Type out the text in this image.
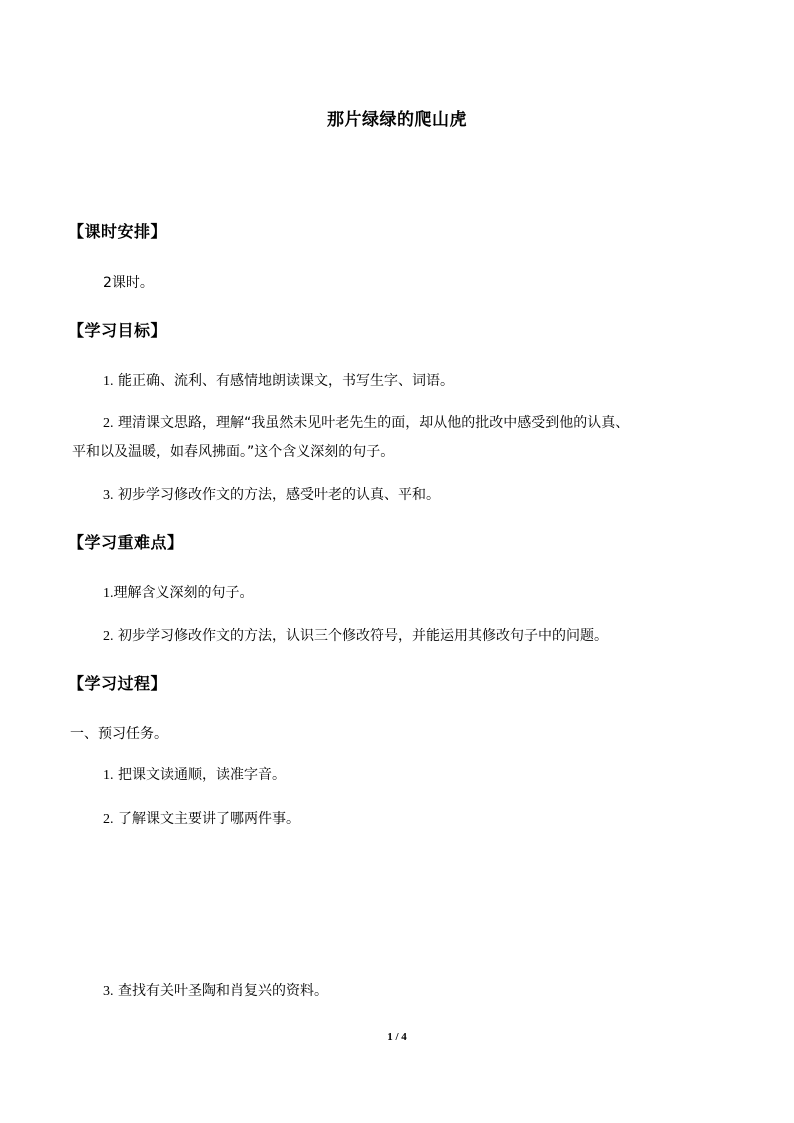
那片绿绿的爬山虎
【课时安排】
2课时。
【学习目标】
1. 能正确、流利、有感情地朗读课文，书写生字、词语。
2. 理清课文思路，理解“我虽然未见叶老先生的面，却从他的批改中感受到他的认真、
平和以及温暖，如春风拂面。”这个含义深刻的句子。
3. 初步学习修改作文的方法，感受叶老的认真、平和。
【学习重难点】
1.理解含义深刻的句子。
2. 初步学习修改作文的方法，认识三个修改符号，并能运用其修改句子中的问题。
【学习过程】
一、预习任务。
1. 把课文读通顺，读准字音。
2. 了解课文主要讲了哪两件事。
3. 查找有关叶圣陶和肖复兴的资料。
1 / 4
